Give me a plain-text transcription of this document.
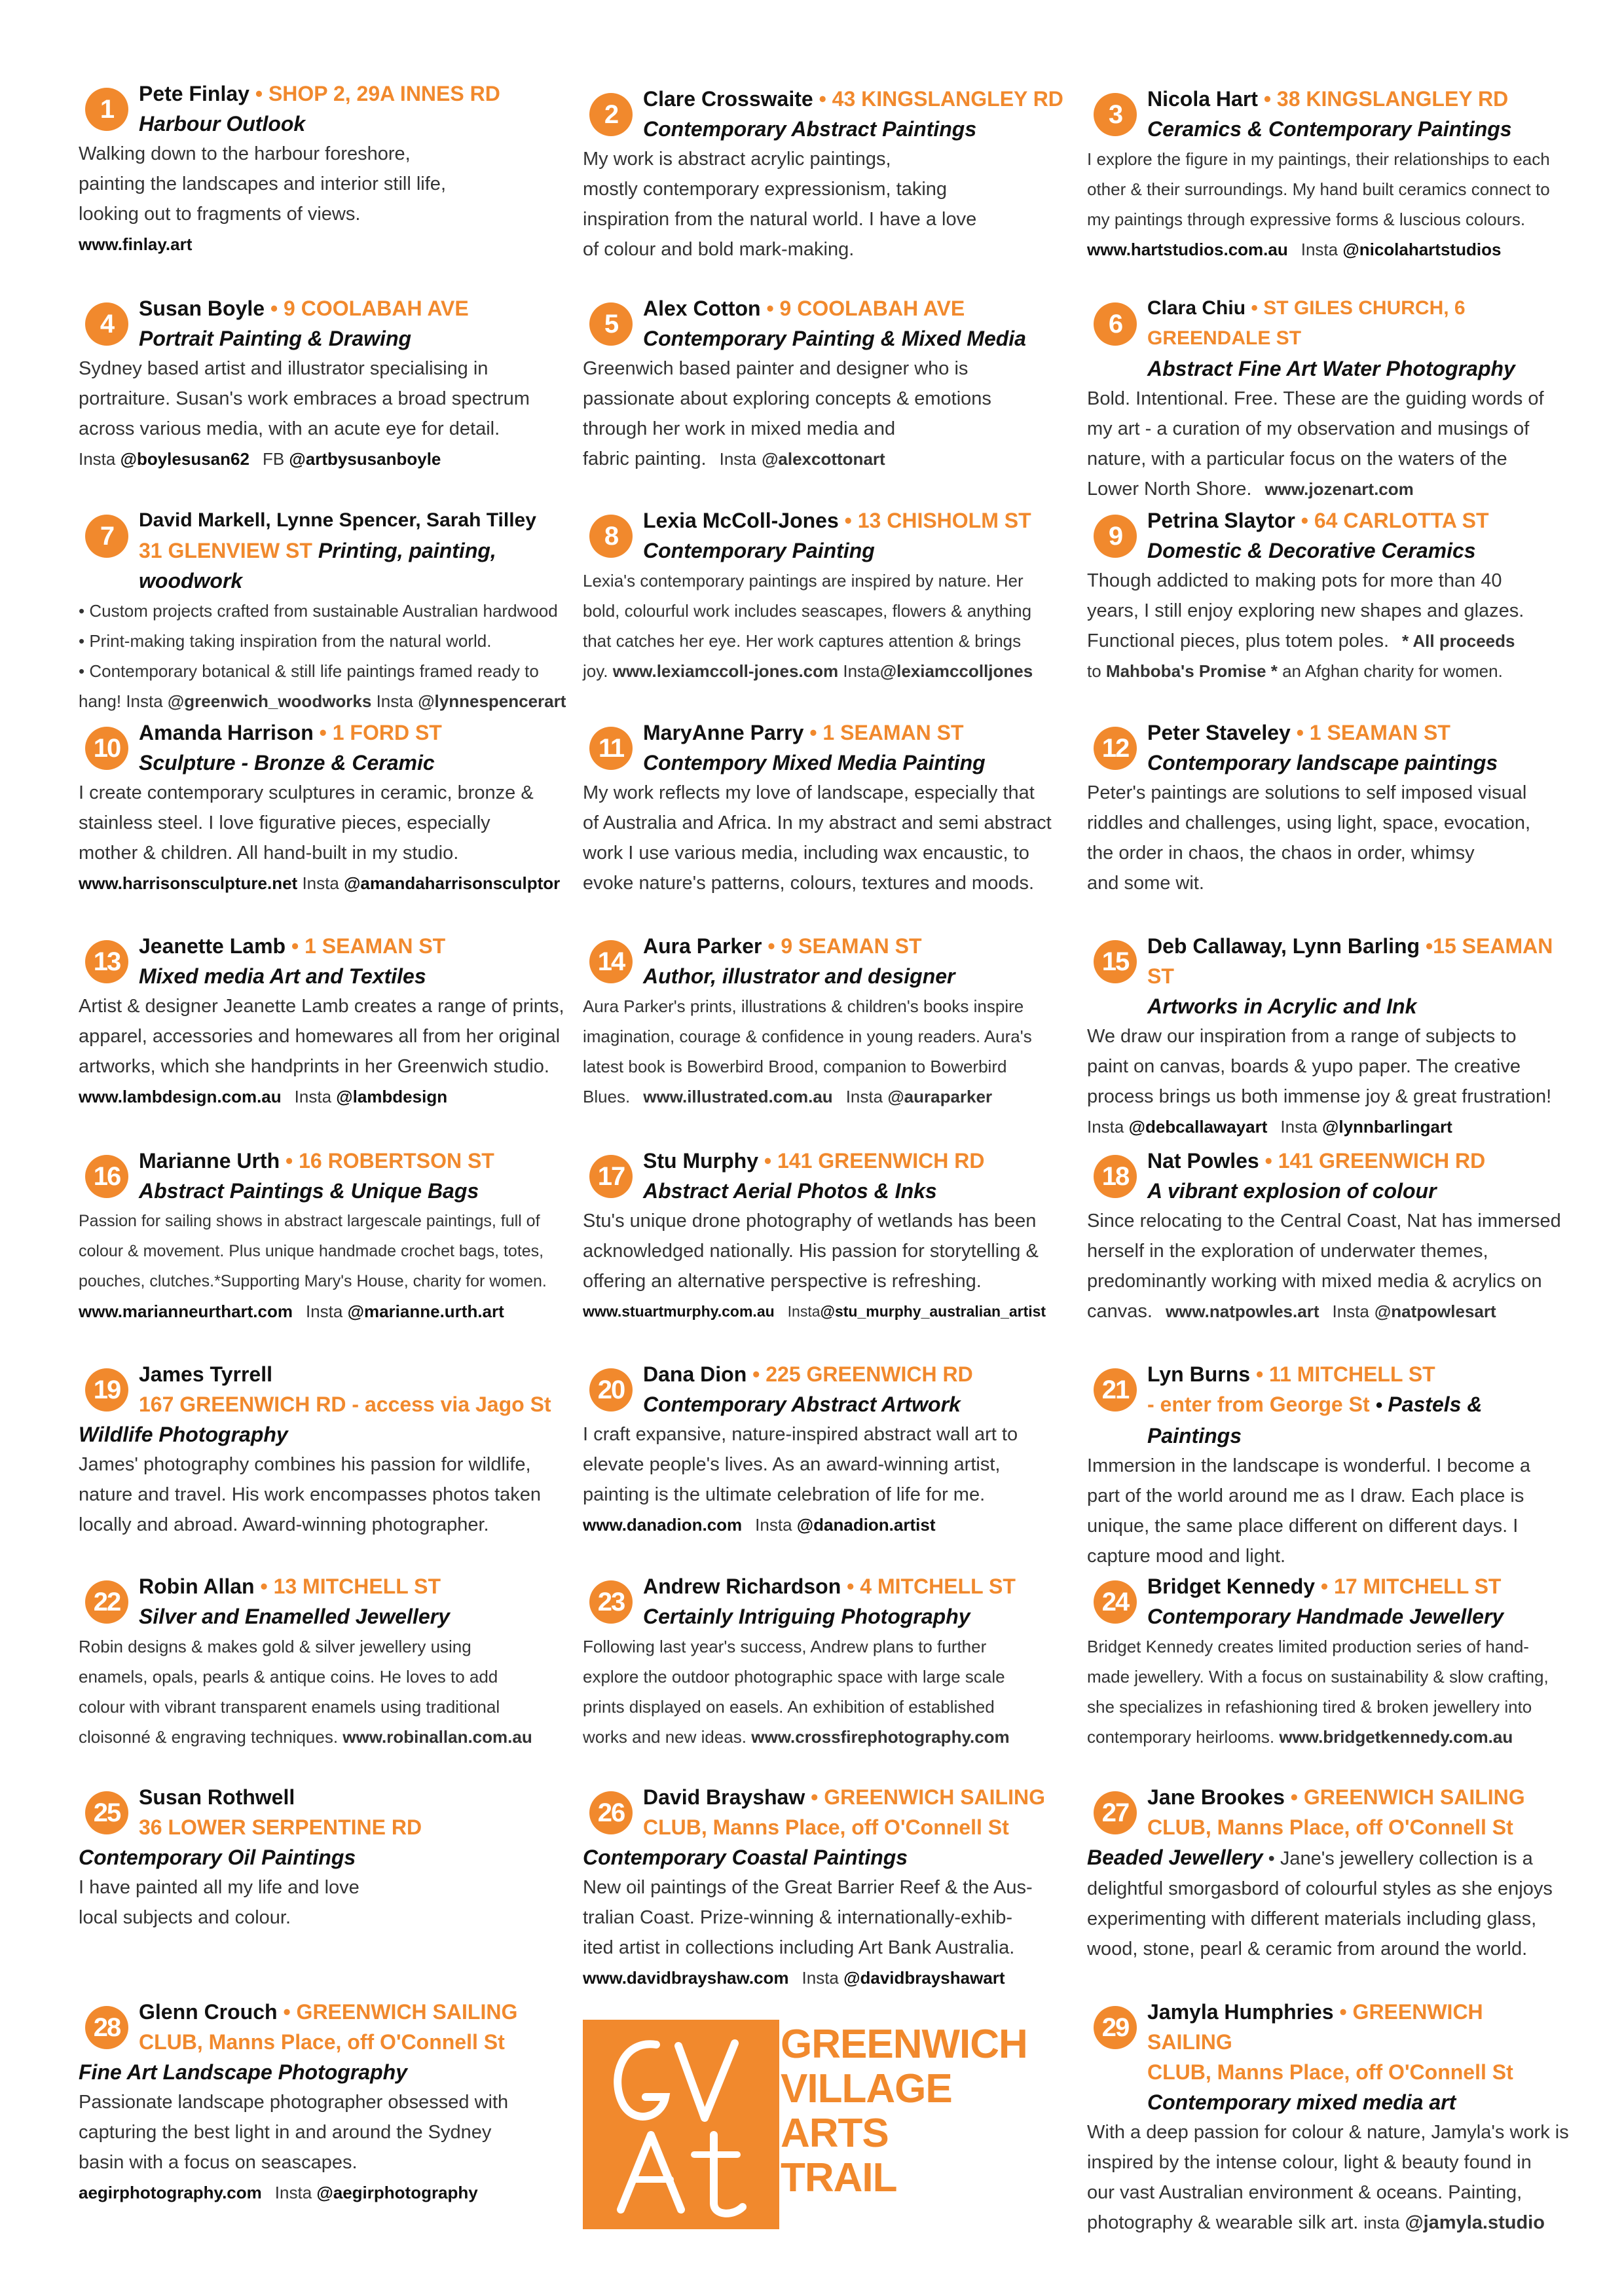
1
Pete Finlay • SHOP 2, 29A INNES RD
Harbour Outlook
Walking down to the harbour foreshore,
painting the landscapes and interior still life,
looking out to fragments of views.
www.finlay.art
2
Clare Crosswaite • 43 KINGSLANGLEY RD
Contemporary Abstract Paintings
My work is abstract acrylic paintings,
mostly contemporary expressionism, taking
inspiration from the natural world. I have a love
of colour and bold mark-making.
3
Nicola Hart • 38 KINGSLANGLEY RD
Ceramics & Contemporary Paintings
I explore the figure in my paintings, their relationships to each
other & their surroundings. My hand built ceramics connect to
my paintings through expressive forms & luscious colours.
www.hartstudios.com.au Insta @nicolahartstudios
4
Susan Boyle • 9 COOLABAH AVE
Portrait Painting & Drawing
Sydney based artist and illustrator specialising in
portraiture. Susan's work embraces a broad spectrum
across various media, with an acute eye for detail.
Insta @boylesusan62 FB @artbysusanboyle
5
Alex Cotton • 9 COOLABAH AVE
Contemporary Painting & Mixed Media
Greenwich based painter and designer who is
passionate about exploring concepts & emotions
through her work in mixed media and
fabric painting. Insta @alexcottonart
6
Clara Chiu • ST GILES CHURCH, 6 GREENDALE ST
Abstract Fine Art Water Photography
Bold. Intentional. Free. These are the guiding words of
my art - a curation of my observation and musings of
nature, with a particular focus on the waters of the
Lower North Shore. www.jozenart.com
7
David Markell, Lynne Spencer, Sarah Tilley
31 GLENVIEW ST Printing, painting, woodwork
• Custom projects crafted from sustainable Australian hardwood
• Print-making taking inspiration from the natural world.
• Contemporary botanical & still life paintings framed ready to
hang! Insta @greenwich_woodworks Insta @lynnespencerart
8
Lexia McColl-Jones • 13 CHISHOLM ST
Contemporary Painting
Lexia's contemporary paintings are inspired by nature. Her
bold, colourful work includes seascapes, flowers & anything
that catches her eye. Her work captures attention & brings
joy. www.lexiamccoll-jones.com Insta@lexiamccolljones
9
Petrina Slaytor • 64 CARLOTTA ST
Domestic & Decorative Ceramics
Though addicted to making pots for more than 40
years, I still enjoy exploring new shapes and glazes.
Functional pieces, plus totem poles. * All proceeds
to Mahboba's Promise * an Afghan charity for women.
10
Amanda Harrison • 1 FORD ST
Sculpture - Bronze & Ceramic
I create contemporary sculptures in ceramic, bronze &
stainless steel. I love figurative pieces, especially
mother & children. All hand-built in my studio.
www.harrisonsculpture.net Insta @amandaharrisonsculptor
11
MaryAnne Parry • 1 SEAMAN ST
Contempory Mixed Media Painting
My work reflects my love of landscape, especially that
of Australia and Africa. In my abstract and semi abstract
work I use various media, including wax encaustic, to
evoke nature's patterns, colours, textures and moods.
12
Peter Staveley • 1 SEAMAN ST
Contemporary landscape paintings
Peter's paintings are solutions to self imposed visual
riddles and challenges, using light, space, evocation,
the order in chaos, the chaos in order, whimsy
and some wit.
13
Jeanette Lamb • 1 SEAMAN ST
Mixed media Art and Textiles
Artist & designer Jeanette Lamb creates a range of prints,
apparel, accessories and homewares all from her original
artworks, which she handprints in her Greenwich studio.
www.lambdesign.com.au Insta @lambdesign
14
Aura Parker • 9 SEAMAN ST
Author, illustrator and designer
Aura Parker's prints, illustrations & children's books inspire
imagination, courage & confidence in young readers. Aura's
latest book is Bowerbird Brood, companion to Bowerbird
Blues. www.illustrated.com.au Insta @auraparker
15
Deb Callaway, Lynn Barling •15 SEAMAN ST
Artworks in Acrylic and Ink
We draw our inspiration from a range of subjects to
paint on canvas, boards & yupo paper. The creative
process brings us both immense joy & great frustration!
Insta @debcallawayart Insta @lynnbarlingart
16
Marianne Urth • 16 ROBERTSON ST
Abstract Paintings & Unique Bags
Passion for sailing shows in abstract largescale paintings, full of
colour & movement. Plus unique handmade crochet bags, totes,
pouches, clutches.*Supporting Mary's House, charity for women.
www.marianneurthart.com Insta @marianne.urth.art
17
Stu Murphy • 141 GREENWICH RD
Abstract Aerial Photos & Inks
Stu's unique drone photography of wetlands has been
acknowledged nationally. His passion for storytelling &
offering an alternative perspective is refreshing.
www.stuartmurphy.com.au Insta@stu_murphy_australian_artist
18
Nat Powles • 141 GREENWICH RD
A vibrant explosion of colour
Since relocating to the Central Coast, Nat has immersed
herself in the exploration of underwater themes,
predominantly working with mixed media & acrylics on
canvas. www.natpowles.art Insta @natpowlesart
19
James Tyrrell
167 GREENWICH RD - access via Jago St
Wildlife Photography
James' photography combines his passion for wildlife,
nature and travel. His work encompasses photos taken
locally and abroad. Award-winning photographer.
20
Dana Dion • 225 GREENWICH RD
Contemporary Abstract Artwork
I craft expansive, nature-inspired abstract wall art to
elevate people's lives. As an award-winning artist,
painting is the ultimate celebration of life for me.
www.danadion.com Insta @danadion.artist
21
Lyn Burns • 11 MITCHELL ST
- enter from George St • Pastels & Paintings
Immersion in the landscape is wonderful. I become a
part of the world around me as I draw. Each place is
unique, the same place different on different days. I
capture mood and light.
22
Robin Allan • 13 MITCHELL ST
Silver and Enamelled Jewellery
Robin designs & makes gold & silver jewellery using
enamels, opals, pearls & antique coins. He loves to add
colour with vibrant transparent enamels using traditional
cloisonné & engraving techniques. www.robinallan.com.au
23
Andrew Richardson • 4 MITCHELL ST
Certainly Intriguing Photography
Following last year's success, Andrew plans to further
explore the outdoor photographic space with large scale
prints displayed on easels. An exhibition of established
works and new ideas. www.crossfirephotography.com
24
Bridget Kennedy • 17 MITCHELL ST
Contemporary Handmade Jewellery
Bridget Kennedy creates limited production series of hand-
made jewellery. With a focus on sustainability & slow crafting,
she specializes in refashioning tired & broken jewellery into
contemporary heirlooms. www.bridgetkennedy.com.au
25
Susan Rothwell
36 LOWER SERPENTINE RD
Contemporary Oil Paintings
I have painted all my life and love
local subjects and colour.
26
David Brayshaw • GREENWICH SAILING
CLUB, Manns Place, off O'Connell St
Contemporary Coastal Paintings
New oil paintings of the Great Barrier Reef & the Aus-
tralian Coast. Prize-winning & internationally-exhib-
ited artist in collections including Art Bank Australia.
www.davidbrayshaw.com Insta @davidbrayshawart
27
Jane Brookes • GREENWICH SAILING
CLUB, Manns Place, off O'Connell St
Beaded Jewellery • Jane's jewellery collection is a
delightful smorgasbord of colourful styles as she enjoys
experimenting with different materials including glass,
wood, stone, pearl & ceramic from around the world.
28
Glenn Crouch • GREENWICH SAILING
CLUB, Manns Place, off O'Connell St
Fine Art Landscape Photography
Passionate landscape photographer obsessed with
capturing the best light in and around the Sydney
basin with a focus on seascapes.
aegirphotography.com Insta @aegirphotography
GREENWICH
VILLAGE
ARTS
TRAIL
29
Jamyla Humphries • GREENWICH SAILING
CLUB, Manns Place, off O'Connell St
Contemporary mixed media art
With a deep passion for colour & nature, Jamyla's work is
inspired by the intense colour, light & beauty found in
our vast Australian environment & oceans. Painting,
photography & wearable silk art. insta @jamyla.studio
